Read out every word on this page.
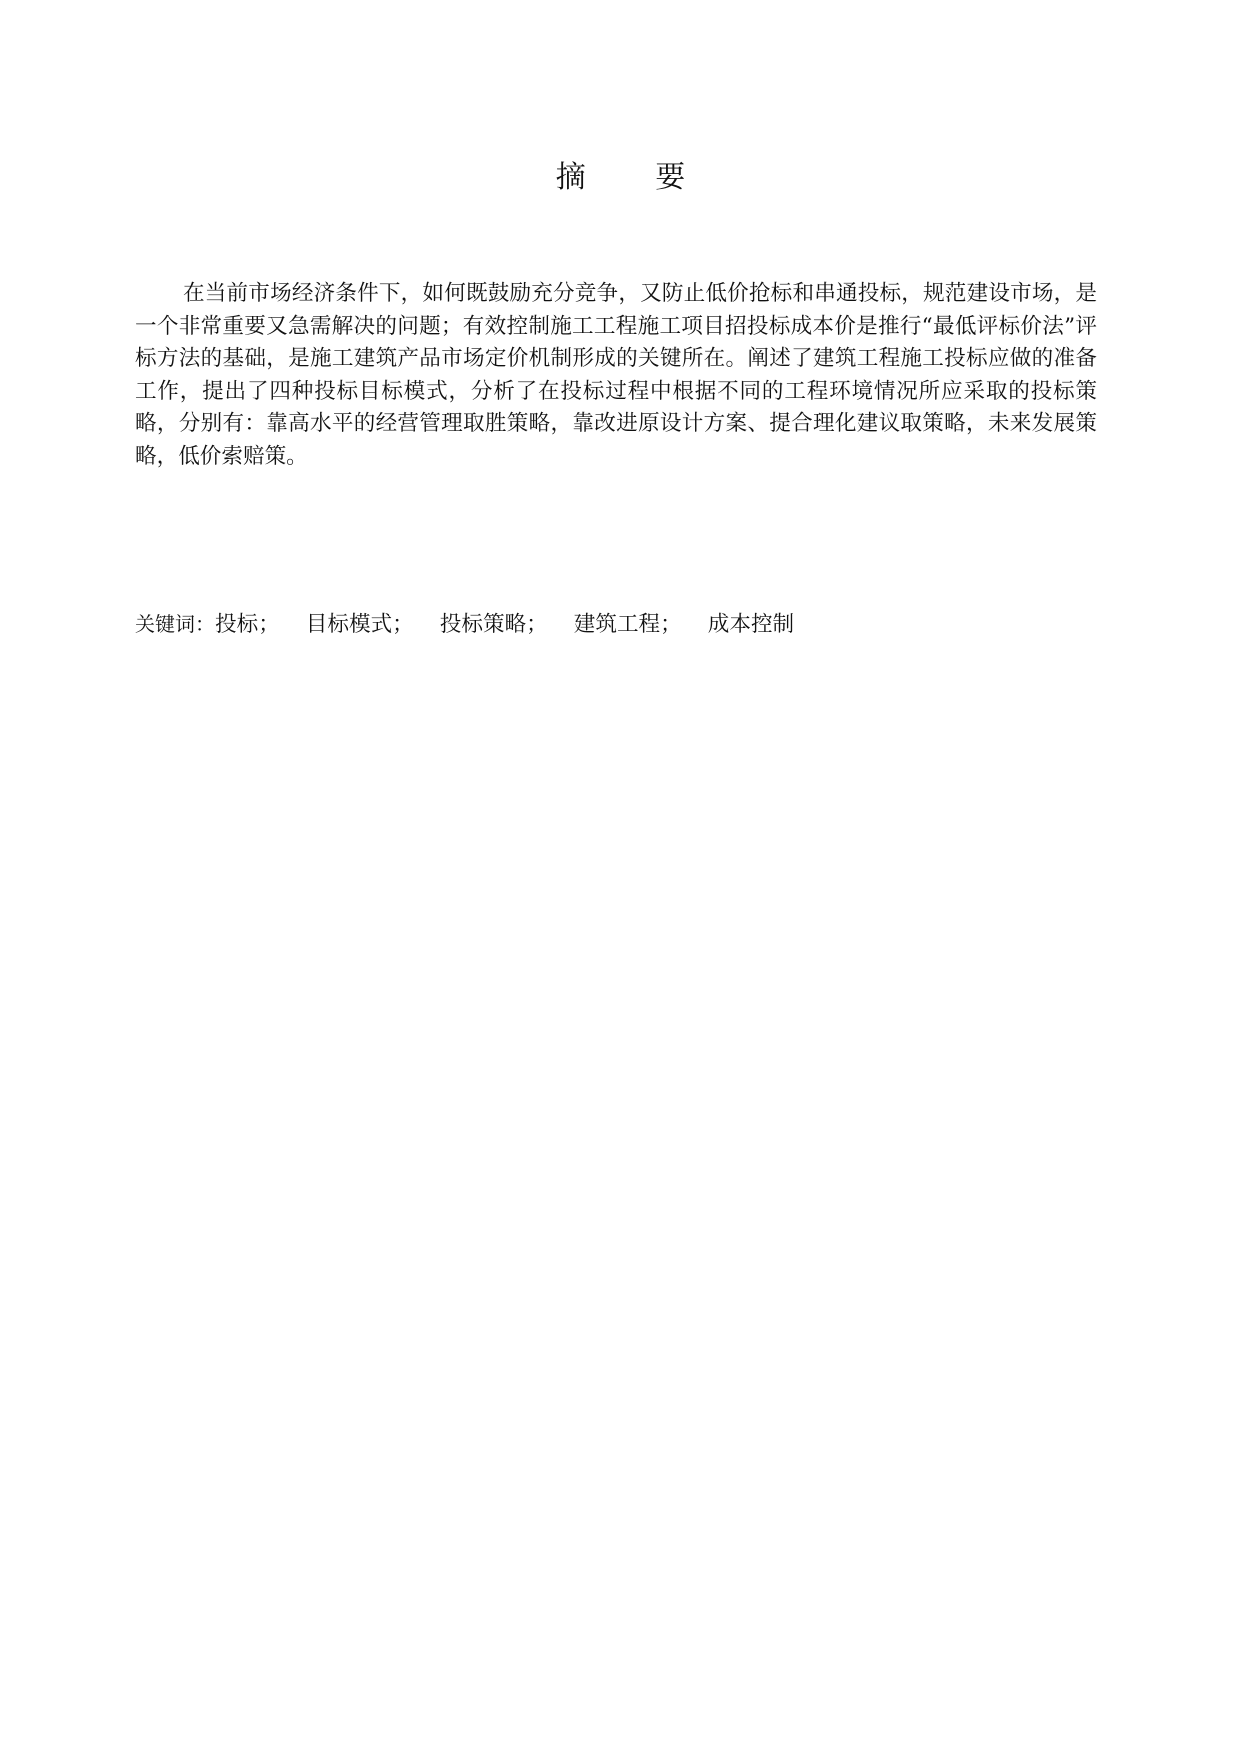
摘 要

在当前市场经济条件下，如何既鼓励充分竞争，又防止低价抢标和串通投标，规范建设市场，是一个非常重要又急需解决的问题；有效控制施工工程施工项目招投标成本价是推行“最低评标价法”评标方法的基础，是施工建筑产品市场定价机制形成的关键所在。阐述了建筑工程施工投标应做的准备工作，提出了四种投标目标模式，分析了在投标过程中根据不同的工程环境情况所应采取的投标策略，分别有：靠高水平的经营管理取胜策略，靠改进原设计方案、提合理化建议取策略，未来发展策略，低价索赔策。

关键词：投标； 目标模式； 投标策略； 建筑工程； 成本控制
